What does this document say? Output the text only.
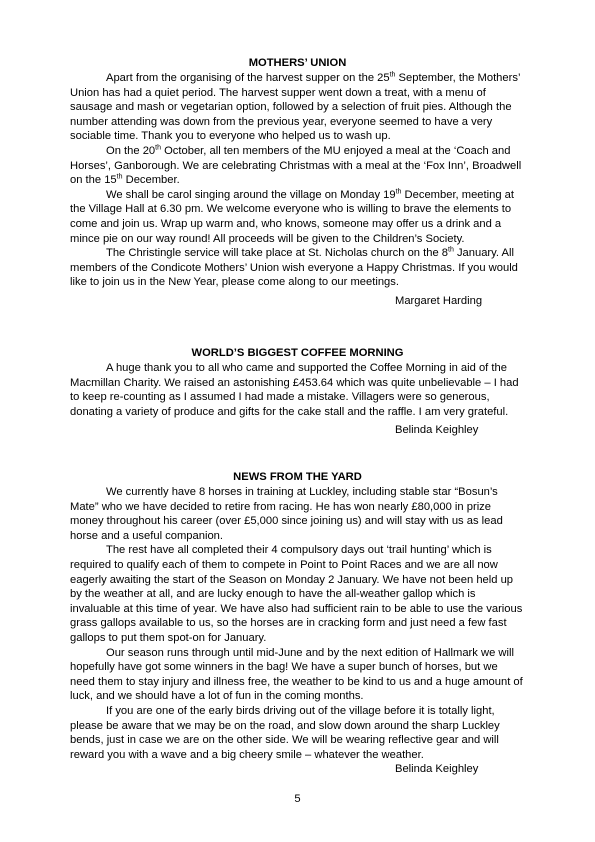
MOTHERS’ UNION

Apart from the organising of the harvest supper on the 25th September, the Mothers’ Union has had a quiet period. The harvest supper went down a treat, with a menu of sausage and mash or vegetarian option, followed by a selection of fruit pies. Although the number attending was down from the previous year, everyone seemed to have a very sociable time. Thank you to everyone who helped us to wash up.

On the 20th October, all ten members of the MU enjoyed a meal at the ‘Coach and Horses’, Ganborough. We are celebrating Christmas with a meal at the ‘Fox Inn’, Broadwell on the 15th December.

We shall be carol singing around the village on Monday 19th December, meeting at the Village Hall at 6.30 pm. We welcome everyone who is willing to brave the elements to come and join us. Wrap up warm and, who knows, someone may offer us a drink and a mince pie on our way round! All proceeds will be given to the Children’s Society.

The Christingle service will take place at St. Nicholas church on the 8th January. All members of the Condicote Mothers’ Union wish everyone a Happy Christmas. If you would like to join us in the New Year, please come along to our meetings.

Margaret Harding

WORLD’S BIGGEST COFFEE MORNING

A huge thank you to all who came and supported the Coffee Morning in aid of the Macmillan Charity. We raised an astonishing £453.64 which was quite unbelievable – I had to keep re-counting as I assumed I had made a mistake. Villagers were so generous, donating a variety of produce and gifts for the cake stall and the raffle. I am very grateful.

Belinda Keighley

NEWS FROM THE YARD

We currently have 8 horses in training at Luckley, including stable star “Bosun’s Mate” who we have decided to retire from racing. He has won nearly £80,000 in prize money throughout his career (over £5,000 since joining us) and will stay with us as lead horse and a useful companion.

The rest have all completed their 4 compulsory days out ‘trail hunting’ which is required to qualify each of them to compete in Point to Point Races and we are all now eagerly awaiting the start of the Season on Monday 2 January. We have not been held up by the weather at all, and are lucky enough to have the all-weather gallop which is invaluable at this time of year. We have also had sufficient rain to be able to use the various grass gallops available to us, so the horses are in cracking form and just need a few fast gallops to put them spot-on for January.

Our season runs through until mid-June and by the next edition of Hallmark we will hopefully have got some winners in the bag! We have a super bunch of horses, but we need them to stay injury and illness free, the weather to be kind to us and a huge amount of luck, and we should have a lot of fun in the coming months.

If you are one of the early birds driving out of the village before it is totally light, please be aware that we may be on the road, and slow down around the sharp Luckley bends, just in case we are on the other side. We will be wearing reflective gear and will reward you with a wave and a big cheery smile – whatever the weather.

Belinda Keighley

5
